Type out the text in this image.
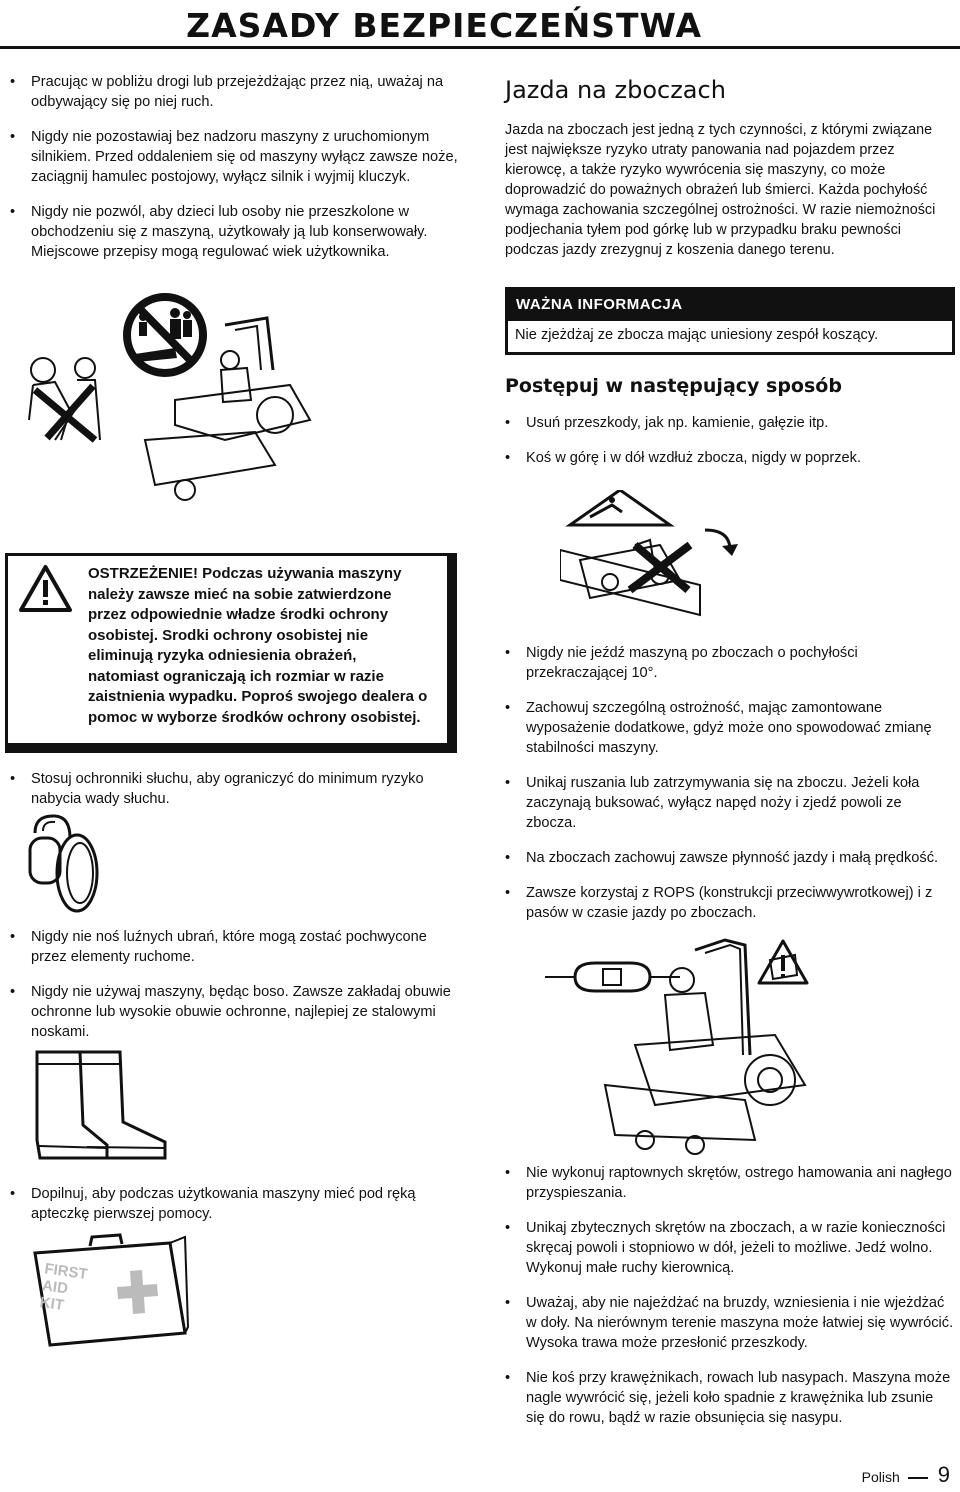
ZASADY BEZPIECZEŃSTWA
• Pracując w pobliżu drogi lub przejeżdżając przez nią, uważaj na odbywający się po niej ruch.
• Nigdy nie pozostawiaj bez nadzoru maszyny z uruchomionym silnikiem. Przed oddaleniem się od maszyny wyłącz zawsze noże, zaciągnij hamulec postojowy, wyłącz silnik i wyjmij kluczyk.
• Nigdy nie pozwól, aby dzieci lub osoby nie przeszkolone w obchodzeniu się z maszyną, użytkowały ją lub konserwowały. Miejscowe przepisy mogą regulować wiek użytkownika.
OSTRZEŻENIE! Podczas używania maszyny należy zawsze mieć na sobie zatwierdzone przez odpowiednie władze środki ochrony osobistej. Srodki ochrony osobistej nie eliminują ryzyka odniesienia obrażeń, natomiast ograniczają ich rozmiar w razie zaistnienia wypadku. Poproś swojego dealera o pomoc w wyborze środków ochrony osobistej.
• Stosuj ochronniki słuchu, aby ograniczyć do minimum ryzyko nabycia wady słuchu.
• Nigdy nie noś luźnych ubrań, które mogą zostać pochwycone przez elementy ruchome.
• Nigdy nie używaj maszyny, będąc boso. Zawsze zakładaj obuwie ochronne lub wysokie obuwie ochronne, najlepiej ze stalowymi noskami.
• Dopilnuj, aby podczas użytkowania maszyny mieć pod ręką apteczkę pierwszej pomocy.
FIRST
AID
KIT
Jazda na zboczach

Jazda na zboczach jest jedną z tych czynności, z którymi związane jest największe ryzyko utraty panowania nad pojazdem przez kierowcę, a także ryzyko wywrócenia się maszyny, co może doprowadzić do poważnych obrażeń lub śmierci. Każda pochyłość wymaga zachowania szczególnej ostrożności. W razie niemożności podjechania tyłem pod górkę lub w przypadku braku pewności podczas jazdy zrezygnuj z koszenia danego terenu.

WAŻNA INFORMACJA
Nie zjeżdżaj ze zbocza mając uniesiony zespół koszący.
Postępuj w następujący sposób
• Usuń przeszkody, jak np. kamienie, gałęzie itp.
• Koś w górę i w dół wzdłuż zbocza, nigdy w poprzek.
• Nigdy nie jeźdź maszyną po zboczach o pochyłości przekraczającej 10°.
• Zachowuj szczególną ostrożność, mając zamontowane wyposażenie dodatkowe, gdyż może ono spowodować zmianę stabilności maszyny.
• Unikaj ruszania lub zatrzymywania się na zboczu. Jeżeli koła zaczynają buksować, wyłącz napęd noży i zjedź powoli ze zbocza.
• Na zboczach zachowuj zawsze płynność jazdy i małą prędkość.
• Zawsze korzystaj z ROPS (konstrukcji przeciwwywrotkowej) i z pasów w czasie jazdy po zboczach.
• Nie wykonuj raptownych skrętów, ostrego hamowania ani nagłego przyspieszania.
• Unikaj zbytecznych skrętów na zboczach, a w razie konieczności skręcaj powoli i stopniowo w dół, jeżeli to możliwe. Jedź wolno. Wykonuj małe ruchy kierownicą.
• Uważaj, aby nie najeżdżać na bruzdy, wzniesienia i nie wjeżdżać w doły. Na nierównym terenie maszyna może łatwiej się wywrócić. Wysoka trawa może przesłonić przeszkody.
• Nie koś przy krawężnikach, rowach lub nasypach. Maszyna może nagle wywrócić się, jeżeli koło spadnie z krawężnika lub zsunie się do rowu, bądź w razie obsunięcia się nasypu.
Polish 9
